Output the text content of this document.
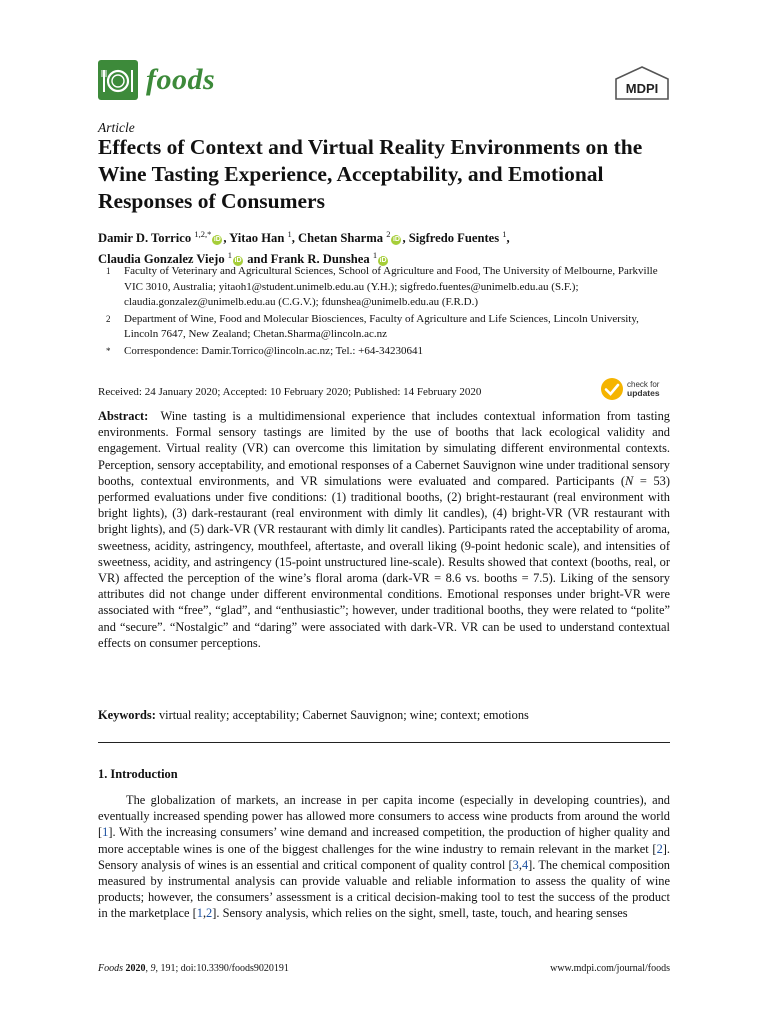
foods	MDPI
Article
Effects of Context and Virtual Reality Environments on the Wine Tasting Experience, Acceptability, and Emotional Responses of Consumers
Damir D. Torrico $^{1,2,*}$iD , Yitao Han $^1$, Chetan Sharma $^2$iD , Sigfredo Fuentes $^1$,
Claudia Gonzalez Viejo $^1$iD and Frank R. Dunshea $^1$iD
1	Faculty of Veterinary and Agricultural Sciences, School of Agriculture and Food, The University of Melbourne, Parkville VIC 3010, Australia; yitaoh1@student.unimelb.edu.au (Y.H.); sigfredo.fuentes@unimelb.edu.au (S.F.); claudia.gonzalez@unimelb.edu.au (C.G.V.); fdunshea@unimelb.edu.au (F.R.D.)
2	Department of Wine, Food and Molecular Biosciences, Faculty of Agriculture and Life Sciences, Lincoln University, Lincoln 7647, New Zealand; Chetan.Sharma@lincoln.ac.nz
*	Correspondence: Damir.Torrico@lincoln.ac.nz; Tel.: +64-34230641
Received: 24 January 2020; Accepted: 10 February 2020; Published: 14 February 2020
check for
updates

Abstract: Wine tasting is a multidimensional experience that includes contextual information from tasting environments. Formal sensory tastings are limited by the use of booths that lack ecological validity and engagement. Virtual reality (VR) can overcome this limitation by simulating different environmental contexts. Perception, sensory acceptability, and emotional responses of a Cabernet Sauvignon wine under traditional sensory booths, contextual environments, and VR simulations were evaluated and compared. Participants (N = 53) performed evaluations under five conditions: (1) traditional booths, (2) bright-restaurant (real environment with bright lights), (3) dark-restaurant (real environment with dimly lit candles), (4) bright-VR (VR restaurant with bright lights), and (5) dark-VR (VR restaurant with dimly lit candles). Participants rated the acceptability of aroma, sweetness, acidity, astringency, mouthfeel, aftertaste, and overall liking (9-point hedonic scale), and intensities of sweetness, acidity, and astringency (15-point unstructured line-scale). Results showed that context (booths, real, or VR) affected the perception of the wine’s floral aroma (dark-VR = 8.6 vs. booths = 7.5). Liking of the sensory attributes did not change under different environmental conditions. Emotional responses under bright-VR were associated with “free”, “glad”, and “enthusiastic”; however, under traditional booths, they were related to “polite” and “secure”. “Nostalgic” and “daring” were associated with dark-VR. VR can be used to understand contextual effects on consumer perceptions.

Keywords: virtual reality; acceptability; Cabernet Sauvignon; wine; context; emotions
1. Introduction

The globalization of markets, an increase in per capita income (especially in developing countries), and eventually increased spending power has allowed more consumers to access wine products from around the world [1]. With the increasing consumers’ wine demand and increased competition, the production of higher quality and more acceptable wines is one of the biggest challenges for the wine industry to remain relevant in the market [2]. Sensory analysis of wines is an essential and critical component of quality control [3,4]. The chemical composition measured by instrumental analysis can provide valuable and reliable information to assess the quality of wine products; however, the consumers’ assessment is a critical decision-making tool to test the success of the product in the marketplace [1,2]. Sensory analysis, which relies on the sight, smell, taste, touch, and hearing senses

Foods 2020, 9, 191; doi:10.3390/foods9020191	www.mdpi.com/journal/foods
